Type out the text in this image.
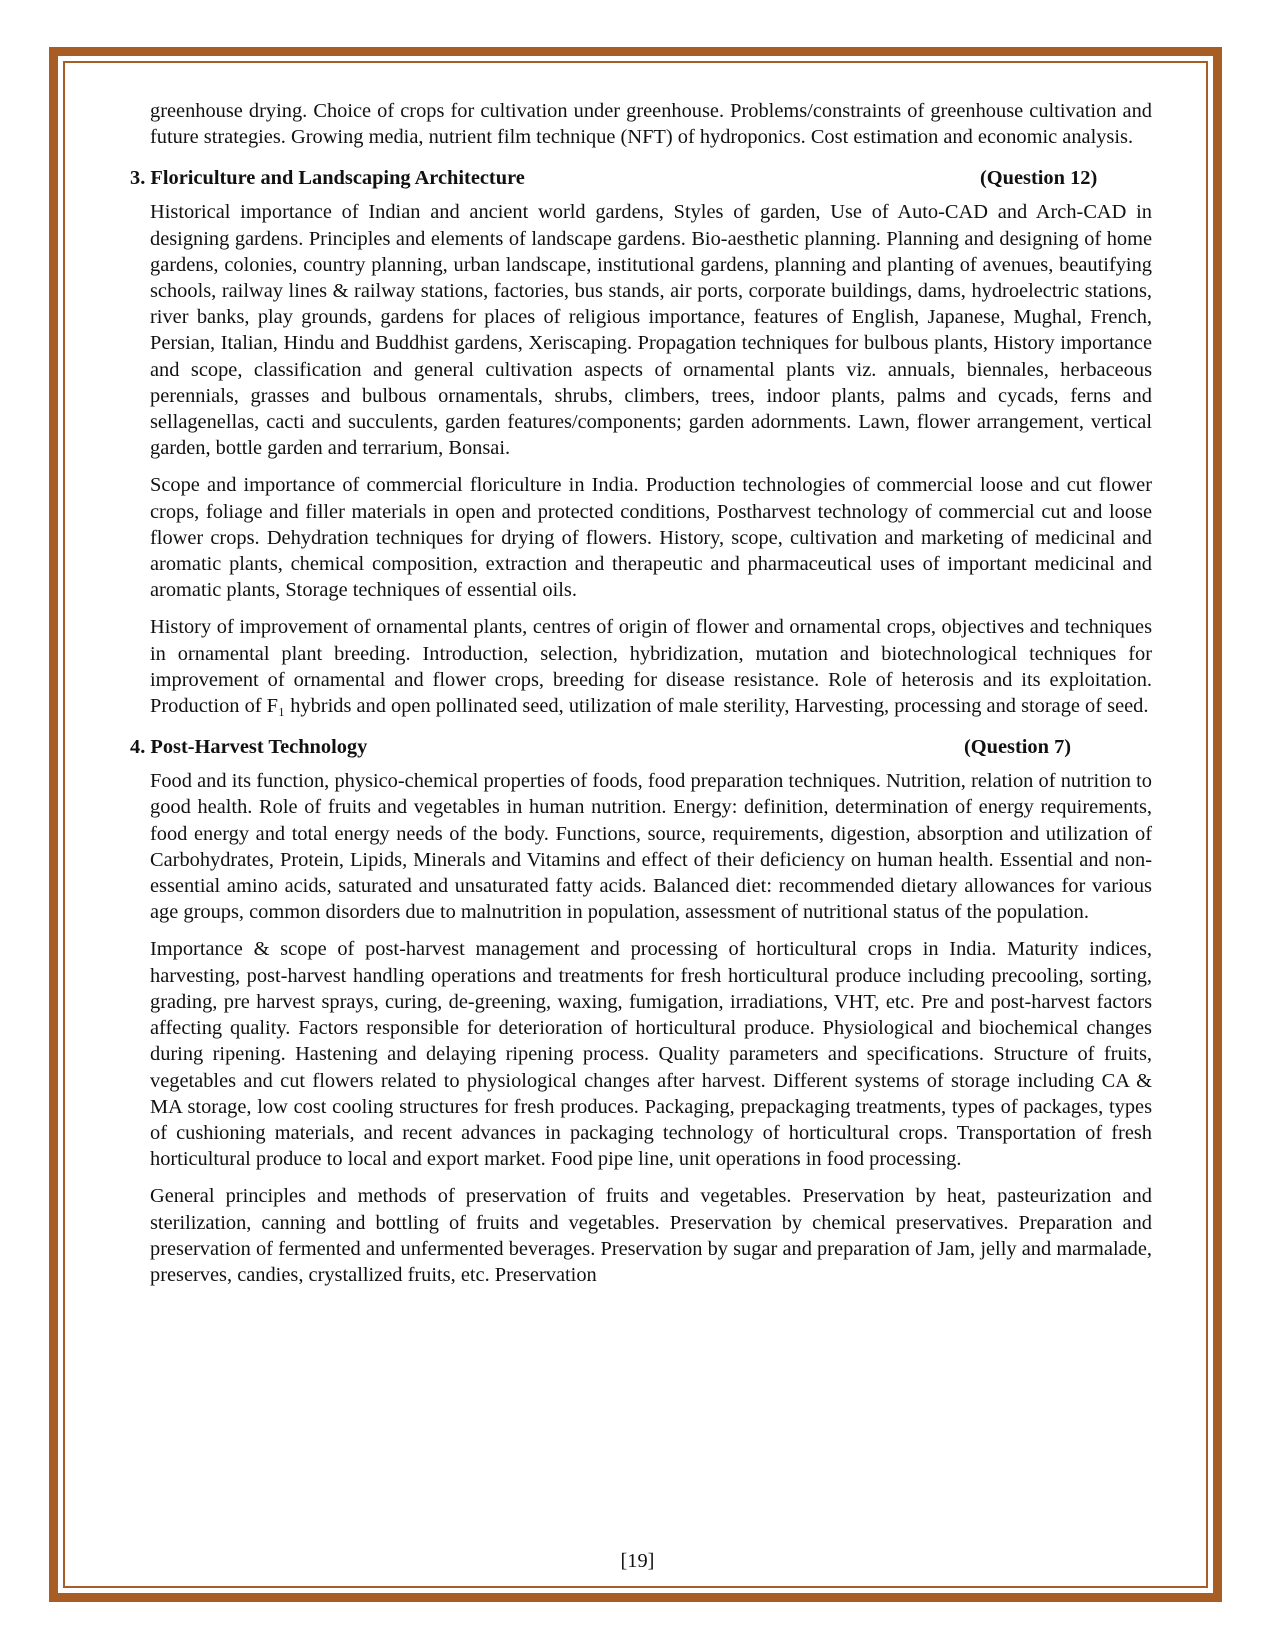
greenhouse drying. Choice of crops for cultivation under greenhouse. Problems/constraints of greenhouse cultivation and future strategies. Growing media, nutrient film technique (NFT) of hydroponics. Cost estimation and economic analysis.

3. Floriculture and Landscaping Architecture	(Question 12)

Historical importance of Indian and ancient world gardens, Styles of garden, Use of Auto-CAD and Arch-CAD in designing gardens. Principles and elements of landscape gardens. Bio-aesthetic planning. Planning and designing of home gardens, colonies, country planning, urban landscape, institutional gardens, planning and planting of avenues, beautifying schools, railway lines & railway stations, factories, bus stands, air ports, corporate buildings, dams, hydroelectric stations, river banks, play grounds, gardens for places of religious importance, features of English, Japanese, Mughal, French, Persian, Italian, Hindu and Buddhist gardens, Xeriscaping. Propagation techniques for bulbous plants, History importance and scope, classification and general cultivation aspects of ornamental plants viz. annuals, biennales, herbaceous perennials, grasses and bulbous ornamentals, shrubs, climbers, trees, indoor plants, palms and cycads, ferns and sellagenellas, cacti and succulents, garden features/components; garden adornments. Lawn, flower arrangement, vertical garden, bottle garden and terrarium, Bonsai.

Scope and importance of commercial floriculture in India. Production technologies of commercial loose and cut flower crops, foliage and filler materials in open and protected conditions, Postharvest technology of commercial cut and loose flower crops. Dehydration techniques for drying of flowers. History, scope, cultivation and marketing of medicinal and aromatic plants, chemical composition, extraction and therapeutic and pharmaceutical uses of important medicinal and aromatic plants, Storage techniques of essential oils.

History of improvement of ornamental plants, centres of origin of flower and ornamental crops, objectives and techniques in ornamental plant breeding. Introduction, selection, hybridization, mutation and biotechnological techniques for improvement of ornamental and flower crops, breeding for disease resistance. Role of heterosis and its exploitation. Production of F₁ hybrids and open pollinated seed, utilization of male sterility, Harvesting, processing and storage of seed.

4. Post-Harvest Technology	(Question 7)

Food and its function, physico-chemical properties of foods, food preparation techniques. Nutrition, relation of nutrition to good health. Role of fruits and vegetables in human nutrition. Energy: definition, determination of energy requirements, food energy and total energy needs of the body. Functions, source, requirements, digestion, absorption and utilization of Carbohydrates, Protein, Lipids, Minerals and Vitamins and effect of their deficiency on human health. Essential and non-essential amino acids, saturated and unsaturated fatty acids. Balanced diet: recommended dietary allowances for various age groups, common disorders due to malnutrition in population, assessment of nutritional status of the population.

Importance & scope of post-harvest management and processing of horticultural crops in India. Maturity indices, harvesting, post-harvest handling operations and treatments for fresh horticultural produce including precooling, sorting, grading, pre harvest sprays, curing, de-greening, waxing, fumigation, irradiations, VHT, etc. Pre and post-harvest factors affecting quality. Factors responsible for deterioration of horticultural produce. Physiological and biochemical changes during ripening. Hastening and delaying ripening process. Quality parameters and specifications. Structure of fruits, vegetables and cut flowers related to physiological changes after harvest. Different systems of storage including CA & MA storage, low cost cooling structures for fresh produces. Packaging, prepackaging treatments, types of packages, types of cushioning materials, and recent advances in packaging technology of horticultural crops. Transportation of fresh horticultural produce to local and export market. Food pipe line, unit operations in food processing.

General principles and methods of preservation of fruits and vegetables. Preservation by heat, pasteurization and sterilization, canning and bottling of fruits and vegetables. Preservation by chemical preservatives. Preparation and preservation of fermented and unfermented beverages. Preservation by sugar and preparation of Jam, jelly and marmalade, preserves, candies, crystallized fruits, etc. Preservation

[19]
